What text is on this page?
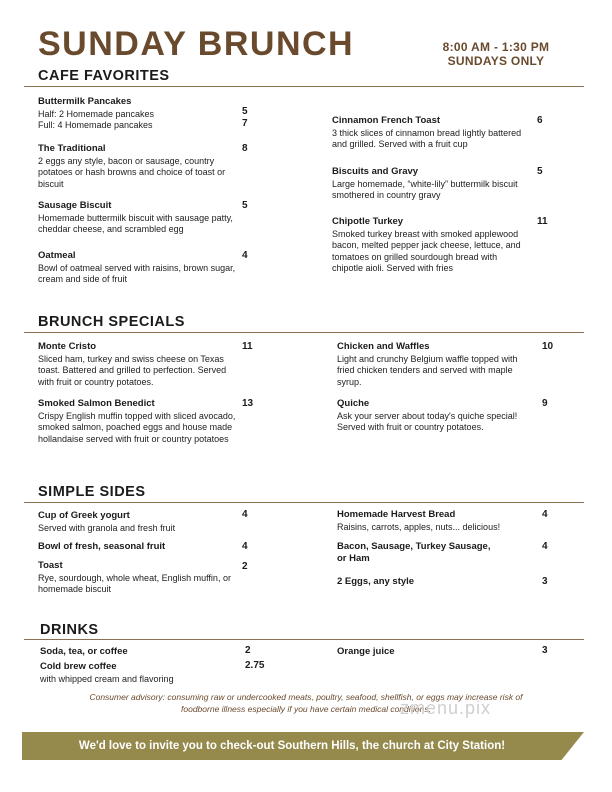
SUNDAY BRUNCH	8:00 AM - 1:30 PM
SUNDAYS ONLY
CAFE FAVORITES
Buttermilk Pancakes
Half: 2 Homemade pancakes
Full: 4 Homemade pancakes
5
7
The Traditional
2 eggs any style, bacon or sausage, country potatoes or hash browns and choice of toast or biscuit
8
Sausage Biscuit
Homemade buttermilk biscuit with sausage patty, cheddar cheese, and scrambled egg
5
Oatmeal
Bowl of oatmeal served with raisins, brown sugar, cream and side of fruit
4
Cinnamon French Toast
3 thick slices of cinnamon bread lightly battered and grilled. Served with a fruit cup
6
Biscuits and Gravy
Large homemade, “white-lily” buttermilk biscuit smothered in country gravy
5
Chipotle Turkey
Smoked turkey breast with smoked applewood bacon, melted pepper jack cheese, lettuce, and tomatoes on grilled sourdough bread with chipotle aioli. Served with fries
11
BRUNCH SPECIALS
Monte Cristo
Sliced ham, turkey and swiss cheese on Texas toast. Battered and grilled to perfection. Served with fruit or country potatoes.
11
Smoked Salmon Benedict
Crispy English muffin topped with sliced avocado, smoked salmon, poached eggs and house made hollandaise served with fruit or country potatoes
13
Chicken and Waffles
Light and crunchy Belgium waffle topped with fried chicken tenders and served with maple syrup.
10
Quiche
Ask your server about today's quiche special! Served with fruit or country potatoes.
9
SIMPLE SIDES
Cup of Greek yogurt
Served with granola and fresh fruit
4
Bowl of fresh, seasonal fruit	4
Toast
Rye, sourdough, whole wheat, English muffin, or homemade biscuit
2
Homemade Harvest Bread
Raisins, carrots, apples, nuts... delicious!
4
Bacon, Sausage, Turkey Sausage,
or Ham
4
2 Eggs, any style	3
DRINKS
Soda, tea, or coffee	2
Cold brew coffee
with whipped cream and flavoring
2.75
Orange juice	3
Consumer advisory: consuming raw or undercooked meats, poultry, seafood, shellfish, or eggs may increase risk of foodborne illness especially if you have certain medical conditions.
zmenu.pix
We'd love to invite you to check-out Southern Hills, the church at City Station!
